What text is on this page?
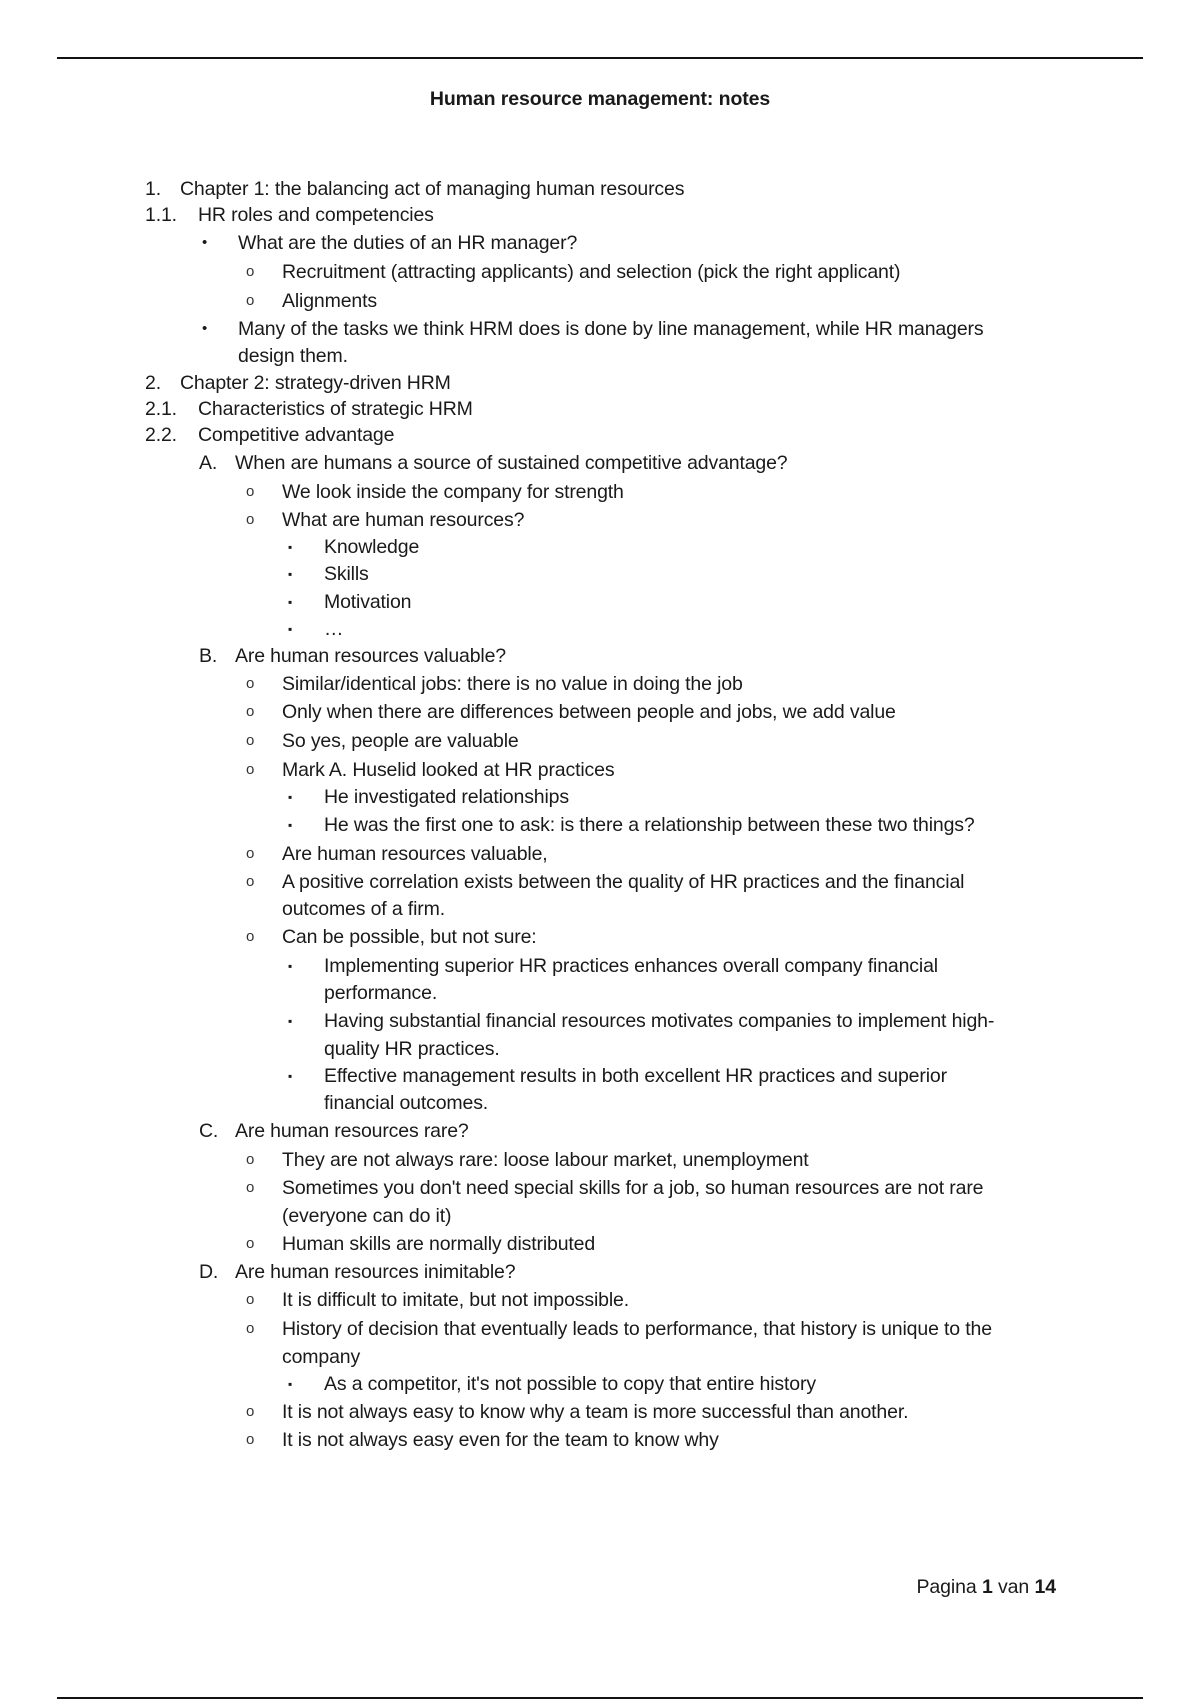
Human resource management: notes
1. Chapter 1: the balancing act of managing human resources
1.1. HR roles and competencies
• What are the duties of an HR manager?
o Recruitment (attracting applicants) and selection (pick the right applicant)
o Alignments
• Many of the tasks we think HRM does is done by line management, while HR managers
design them.
2. Chapter 2: strategy-driven HRM
2.1. Characteristics of strategic HRM
2.2. Competitive advantage
A. When are humans a source of sustained competitive advantage?
o We look inside the company for strength
o What are human resources?
▪ Knowledge
▪ Skills
▪ Motivation
▪ …
B. Are human resources valuable?
o Similar/identical jobs: there is no value in doing the job
o Only when there are differences between people and jobs, we add value
o So yes, people are valuable
o Mark A. Huselid looked at HR practices
▪ He investigated relationships
▪ He was the first one to ask: is there a relationship between these two things?
o Are human resources valuable,
o A positive correlation exists between the quality of HR practices and the financial
outcomes of a firm.
o Can be possible, but not sure:
▪ Implementing superior HR practices enhances overall company financial
performance.
▪ Having substantial financial resources motivates companies to implement high-
quality HR practices.
▪ Effective management results in both excellent HR practices and superior
financial outcomes.
C. Are human resources rare?
o They are not always rare: loose labour market, unemployment
o Sometimes you don't need special skills for a job, so human resources are not rare
(everyone can do it)
o Human skills are normally distributed
D. Are human resources inimitable?
o It is difficult to imitate, but not impossible.
o History of decision that eventually leads to performance, that history is unique to the
company
▪ As a competitor, it's not possible to copy that entire history
o It is not always easy to know why a team is more successful than another.
o It is not always easy even for the team to know why
Pagina 1 van 14
